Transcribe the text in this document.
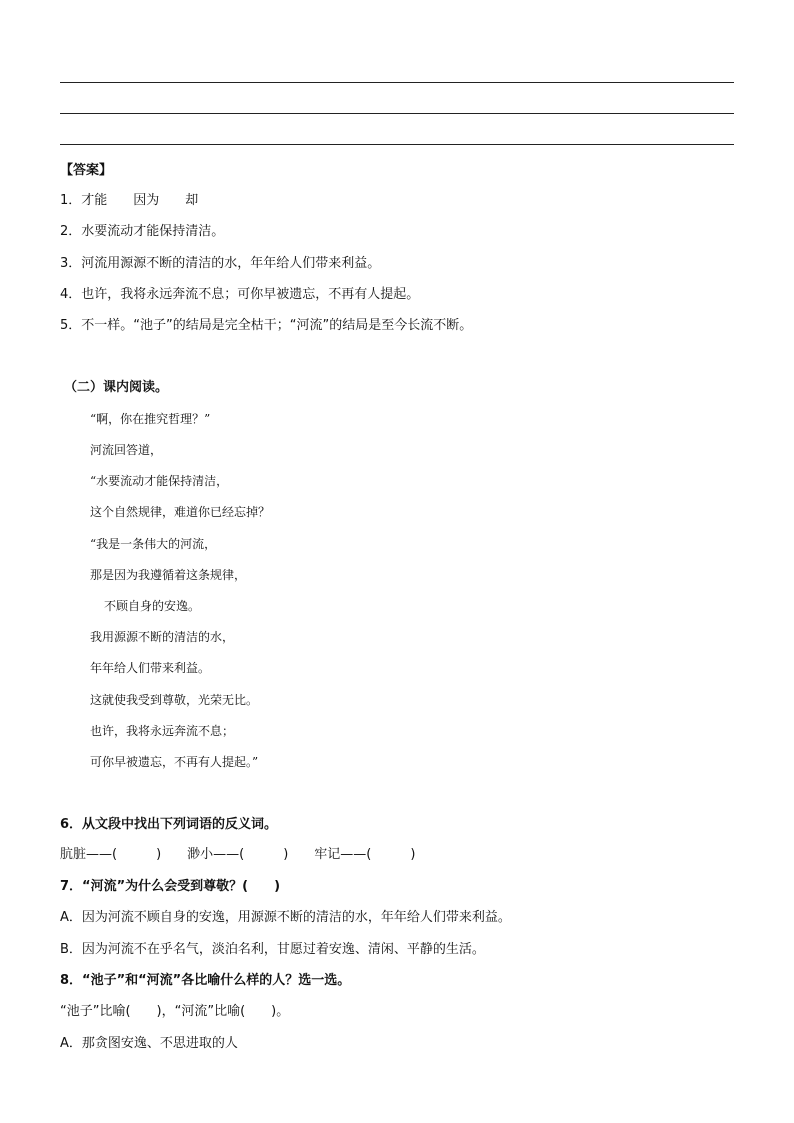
【答案】
1．才能　　因为　　却
2．水要流动才能保持清洁。
3．河流用源源不断的清洁的水，年年给人们带来利益。
4．也许，我将永远奔流不息；可你早被遗忘，不再有人提起。
5．不一样。“池子”的结局是完全枯干；“河流”的结局是至今长流不断。
（二）课内阅读。
“啊，你在推究哲理？”
河流回答道，
“水要流动才能保持清洁，
这个自然规律，难道你已经忘掉？
“我是一条伟大的河流，
那是因为我遵循着这条规律，
不顾自身的安逸。
我用源源不断的清洁的水，
年年给人们带来利益。
这就使我受到尊敬，光荣无比。
也许，我将永远奔流不息；
可你早被遗忘，不再有人提起。”
6．从文段中找出下列词语的反义词。
肮脏——(　　　)　　渺小——(　　　)　　牢记——(　　　)
7．“河流”为什么会受到尊敬？(　　)
A．因为河流不顾自身的安逸，用源源不断的清洁的水，年年给人们带来利益。
B．因为河流不在乎名气，淡泊名利，甘愿过着安逸、清闲、平静的生活。
8．“池子”和“河流”各比喻什么样的人？选一选。
“池子”比喻(　　)，“河流”比喻(　　)。
A．那贪图安逸、不思进取的人
